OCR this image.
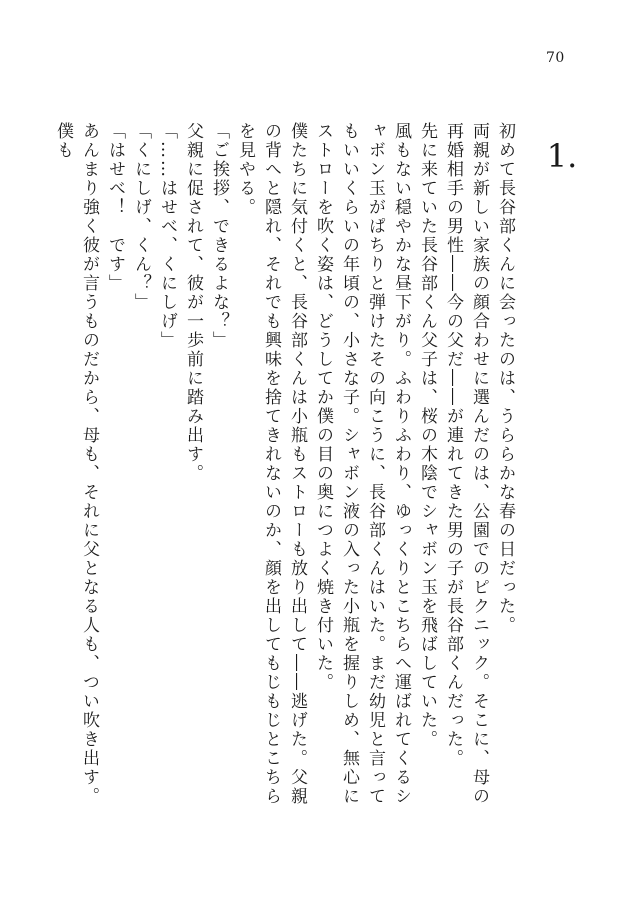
70
1.

初めて長谷部くんに会ったのは、うららかな春の日だった。

両親が新しい家族の顔合わせに選んだのは、公園でのピクニック。そこに、母の再婚相手の男性――今の父だ――が連れてきた男の子が長谷部くんだった。

先に来ていた長谷部くん父子は、桜の木陰でシャボン玉を飛ばしていた。

風もない穏やかな昼下がり。ふわりふわり、ゆっくりとこちらへ運ばれてくるシャボン玉がぱちりと弾けたその向こうに、長谷部くんはいた。まだ幼児と言ってもいいくらいの年頃の、小さな子。シャボン液の入った小瓶を握りしめ、無心にストローを吹く姿は、どうしてか僕の目の奥につよく焼き付いた。

僕たちに気付くと、長谷部くんは小瓶もストローも放り出して――逃げた。父親の背へと隠れ、それでも興味を捨てきれないのか、顔を出してもじもじとこちらを見やる。

「ご挨拶、できるよな？」

父親に促されて、彼が一歩前に踏み出す。

「……はせべ、くにしげ」

「くにしげ、くん？」

「はせべ！　です」

あんまり強く彼が言うものだから、母も、それに父となる人も、つい吹き出す。僕も
